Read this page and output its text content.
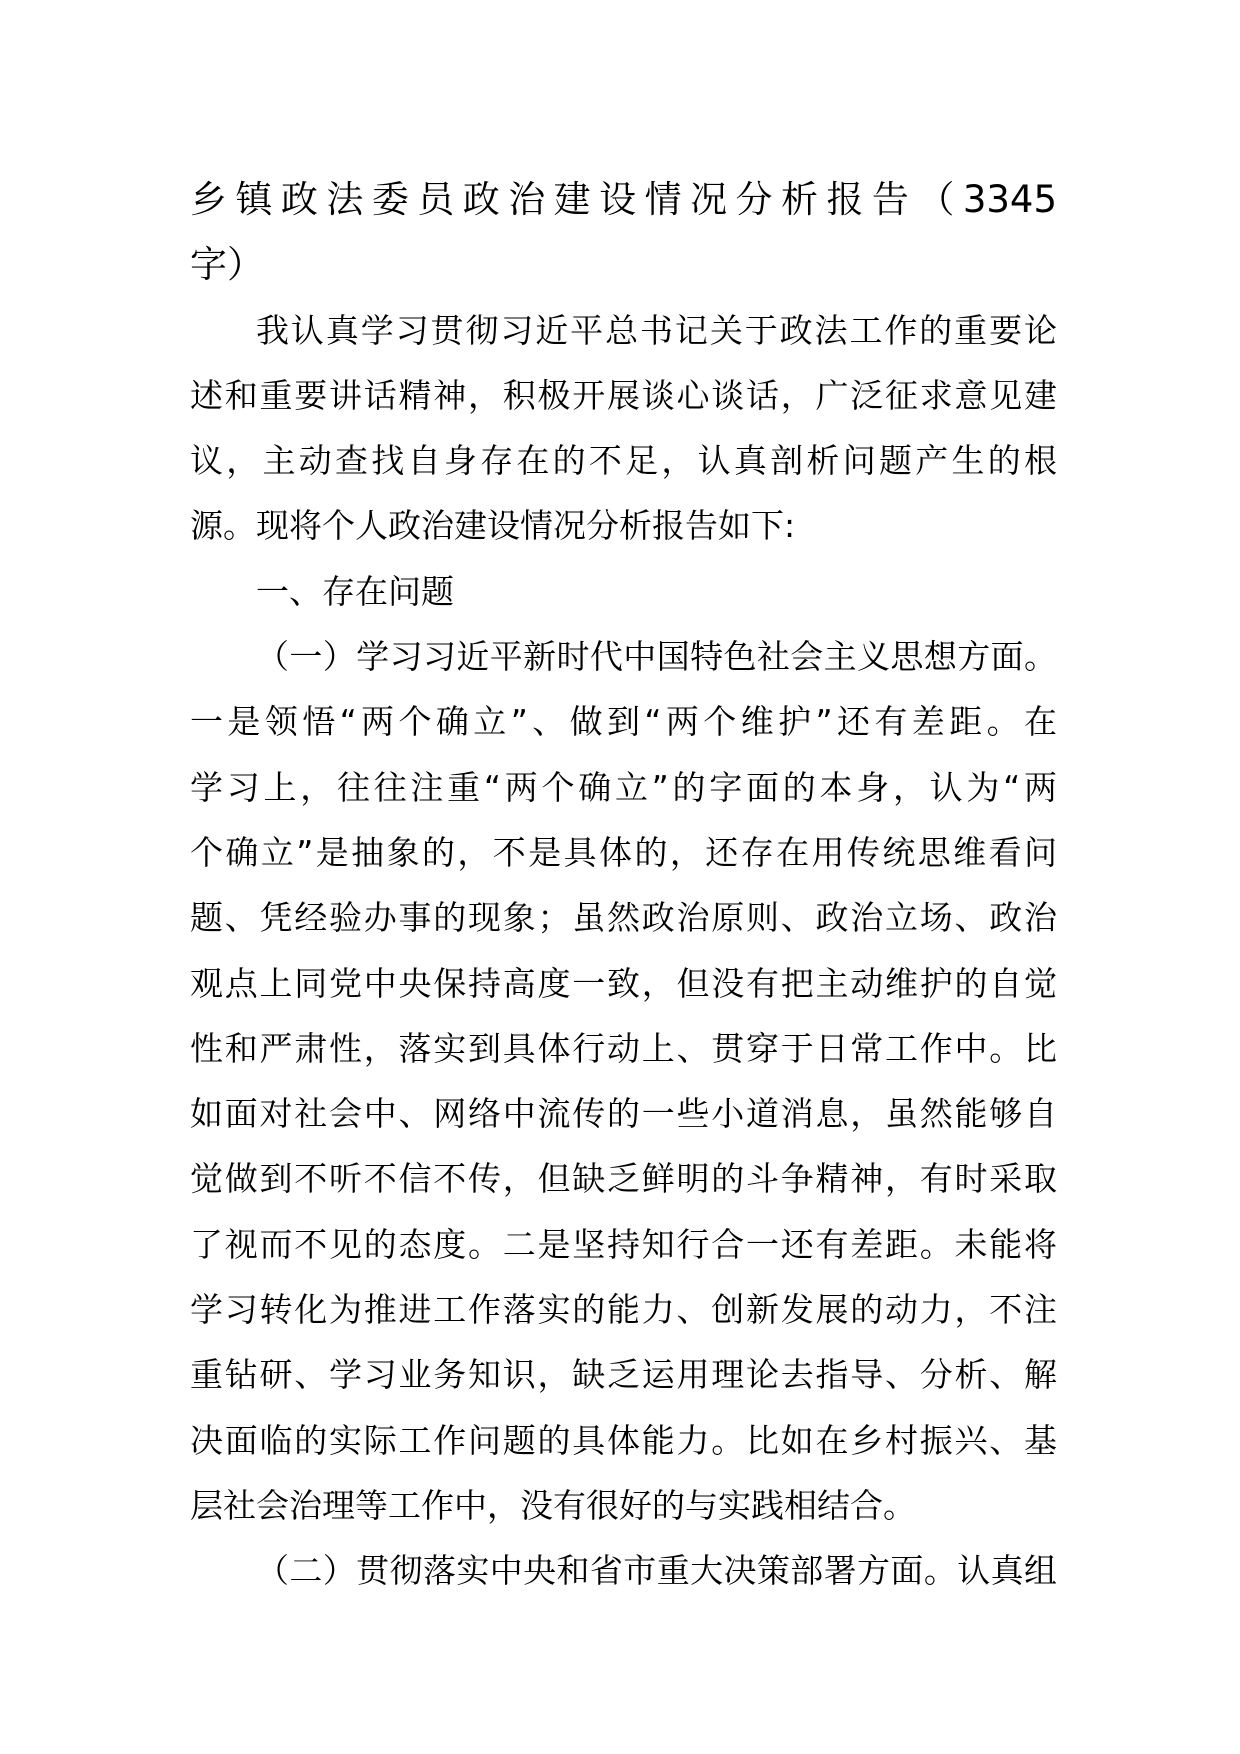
乡镇政法委员政治建设情况分析报告（3345
字）
我认真学习贯彻习近平总书记关于政法工作的重要论
述和重要讲话精神，积极开展谈心谈话，广泛征求意见建
议，主动查找自身存在的不足，认真剖析问题产生的根
源。现将个人政治建设情况分析报告如下:
一、存在问题
（一）学习习近平新时代中国特色社会主义思想方面。
一是领悟“两个确立”、做到“两个维护”还有差距。在
学习上，往往注重“两个确立”的字面的本身，认为“两
个确立”是抽象的，不是具体的，还存在用传统思维看问
题、凭经验办事的现象；虽然政治原则、政治立场、政治
观点上同党中央保持高度一致，但没有把主动维护的自觉
性和严肃性，落实到具体行动上、贯穿于日常工作中。比
如面对社会中、网络中流传的一些小道消息，虽然能够自
觉做到不听不信不传，但缺乏鲜明的斗争精神，有时采取
了视而不见的态度。二是坚持知行合一还有差距。未能将
学习转化为推进工作落实的能力、创新发展的动力，不注
重钻研、学习业务知识，缺乏运用理论去指导、分析、解
决面临的实际工作问题的具体能力。比如在乡村振兴、基
层社会治理等工作中，没有很好的与实践相结合。
（二）贯彻落实中央和省市重大决策部署方面。认真组
